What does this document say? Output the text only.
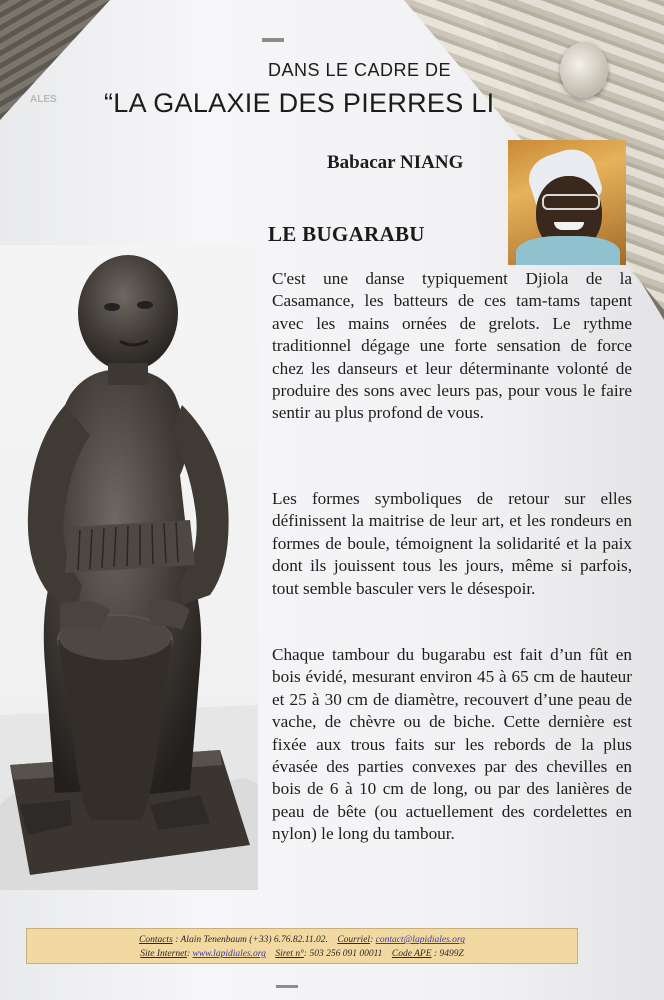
ALES
DANS LE CADRE DE
“LA GALAXIE DES PIERRES LI
Babacar NIANG
LE BUGARABU

C'est une danse typiquement Djiola de la Casamance, les batteurs de ces tam-tams tapent avec les mains ornées de grelots. Le rythme traditionnel dégage une forte sensation de force chez les danseurs et leur déterminante volonté de produire des sons avec leurs pas, pour vous le faire sentir au plus profond de vous.

Les formes symboliques de retour sur elles définissent la maitrise de leur art, et les rondeurs en formes de boule, témoignent la solidarité et la paix dont ils jouissent tous les jours, même si parfois, tout semble basculer vers le désespoir.

Chaque tambour du bugarabu est fait d’un fût en bois évidé, mesurant environ 45 à 65 cm de hauteur et 25 à 30 cm de diamètre, recouvert d’une peau de vache, de chèvre ou de biche. Cette dernière est fixée aux trous faits sur les rebords de la plus évasée des parties convexes par des chevilles en bois de 6 à 10 cm de long, ou par des lanières de peau de bête (ou actuellement des cordelettes en nylon) le long du tambour.

Contacts : Alain Tenenbaum (+33) 6.76.82.11.02. Courriel: contact@lapidiales.org
Site Internet: www.lapidiales.org Siret n°: 503 256 091 00011 Code APE : 9499Z
